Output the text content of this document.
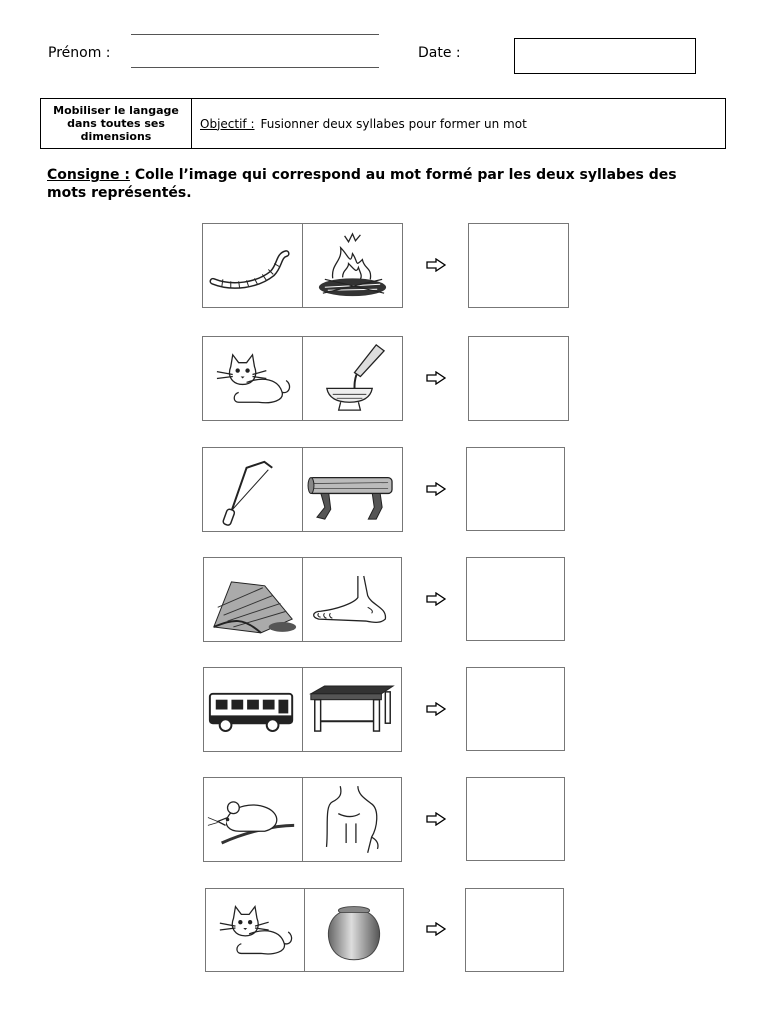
Prénom :	Date :
Mobiliser le langage dans toutes ses dimensions
Objectif : Fusionner deux syllabes pour former un mot
Consigne : Colle l’image qui correspond au mot formé par les deux syllabes des mots représentés.
